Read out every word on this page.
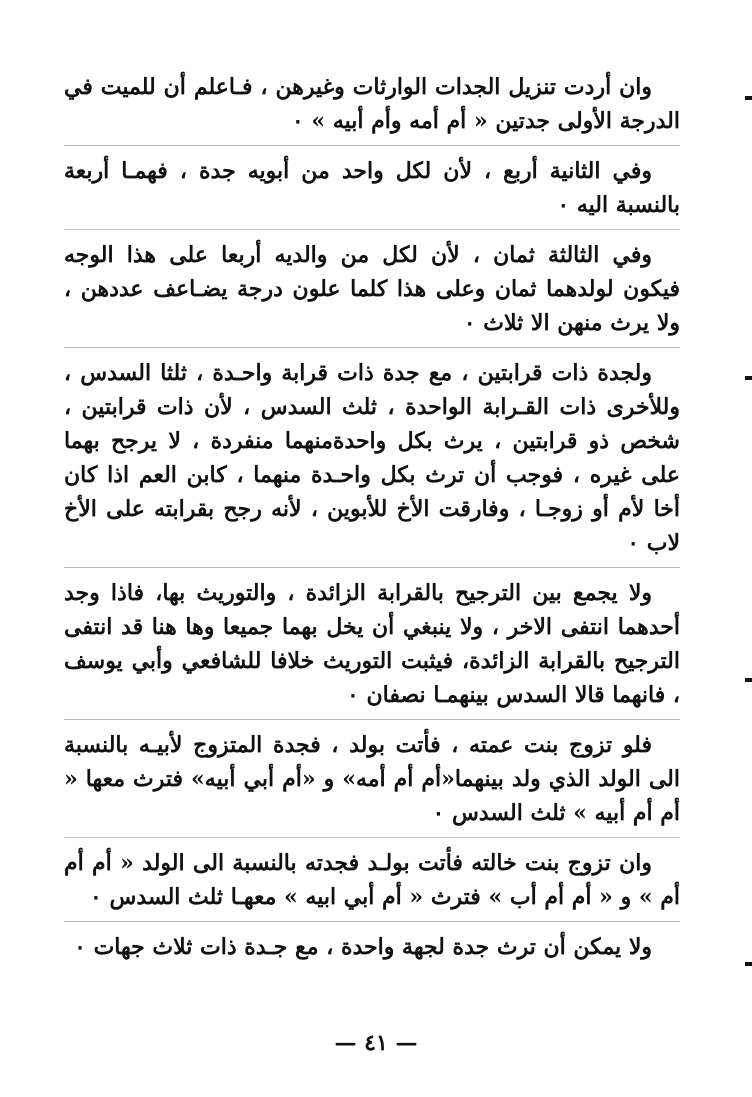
وان أردت تنزيل الجدات الوارثات وغيرهن ، فـاعلم أن للميت في الدرجة الأولى جدتين « أم أمه وأم أبيه » ٠

وفي الثانية أربع ، لأن لكل واحد من أبويه جدة ، فهمـا أربعة بالنسبة اليه ٠

وفي الثالثة ثمان ، لأن لكل من والديه أربعا على هذا الوجه فيكون لولدهما ثمان وعلى هذا كلما علون درجة يضـاعف عددهن ، ولا يرث منهن الا ثلاث ٠

ولجدة ذات قرابتين ، مع جدة ذات قرابة واحـدة ، ثلثا السدس ، وللأخرى ذات القـرابة الواحدة ، ثلث السدس ، لأن ذات قرابتين ، شخص ذو قرابتين ، يرث بكل واحدةمنهما منفردة ، لا يرجح بهما على غيره ، فوجب أن ترث بكل واحـدة منهما ، كابن العم اذا كان أخا لأم أو زوجـا ، وفارقت الأخ للأبوين ، لأنه رجح بقرابته على الأخ لاب ٠

ولا يجمع بين الترجيح بالقرابة الزائدة ، والتوريث بها، فاذا وجد أحدهما انتفى الاخر ، ولا ينبغي أن يخل بهما جميعا وها هنا قد انتفى الترجيح بالقرابة الزائدة، فيثبت التوريث خلافا للشافعي وأبي يوسف ، فانهما قالا السدس بينهمـا نصفان ٠

فلو تزوج بنت عمته ، فأتت بولد ، فجدة المتزوج لأبيـه بالنسبة الى الولد الذي ولد بينهما«أم أم أمه» و «أم أبي أبيه» فترث معها « أم أم أبيه » ثلث السدس ٠

وان تزوج بنت خالته فأتت بولـد فجدته بالنسبة الى الولد « أم أم أم » و « أم أم أب » فترث « أم أبي ابيه » معهـا ثلث السدس ٠

ولا يمكن أن ترث جدة لجهة واحدة ، مع جـدة ذات ثلاث جهات ٠

— ٤١ —
